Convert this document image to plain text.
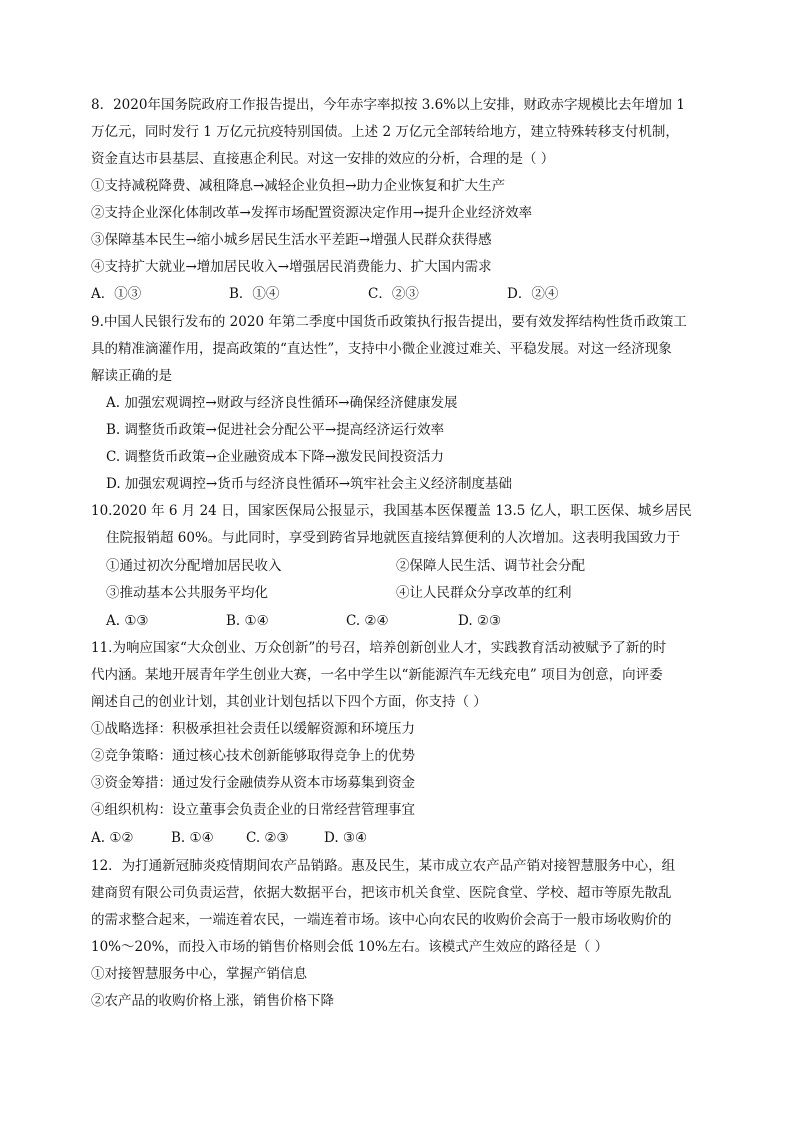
8．2020年国务院政府工作报告提出，今年赤字率拟按 3.6%以上安排，财政赤字规模比去年增加 1
万亿元，同时发行 1 万亿元抗疫特别国债。上述 2 万亿元全部转给地方，建立特殊转移支付机制，
资金直达市县基层、直接惠企利民。对这一安排的效应的分析，合理的是（ ）
①支持减税降费、减租降息→减轻企业负担→助力企业恢复和扩大生产
②支持企业深化体制改革→发挥市场配置资源决定作用→提升企业经济效率
③保障基本民生→缩小城乡居民生活水平差距→增强人民群众获得感
④支持扩大就业→增加居民收入→增强居民消费能力、扩大国内需求
A．①③	B．①④	C．②③	D．②④
9.中国人民银行发布的 2020 年第二季度中国货币政策执行报告提出，要有效发挥结构性货币政策工
具的精准滴灌作用，提高政策的“直达性”，支持中小微企业渡过难关、平稳发展。对这一经济现象
解读正确的是
A. 加强宏观调控→财政与经济良性循环→确保经济健康发展
B. 调整货币政策→促进社会分配公平→提高经济运行效率
C. 调整货币政策→企业融资成本下降→激发民间投资活力
D. 加强宏观调控→货币与经济良性循环→筑牢社会主义经济制度基础
10.2020 年 6 月 24 日，国家医保局公报显示，我国基本医保覆盖 13.5 亿人，职工医保、城乡居民
住院报销超 60%。与此同时，享受到跨省异地就医直接结算便利的人次增加。这表明我国致力于
①通过初次分配增加居民收入	②保障人民生活、调节社会分配
③推动基本公共服务平均化	④让人民群众分享改革的红利
A. ①③	B. ①④	C. ②④	D. ②③
11.为响应国家“大众创业、万众创新”的号召，培养创新创业人才，实践教育活动被赋予了新的时
代内涵。某地开展青年学生创业大赛，一名中学生以“新能源汽车无线充电” 项目为创意，向评委
阐述自己的创业计划，其创业计划包括以下四个方面，你支持（ ）
①战略选择：积极承担社会责任以缓解资源和环境压力
②竞争策略：通过核心技术创新能够取得竞争上的优势
③资金筹措：通过发行金融债券从资本市场募集到资金
④组织机构：设立董事会负责企业的日常经营管理事宜
A. ①②	B. ①④ C. ②③	D. ③④
12．为打通新冠肺炎疫情期间农产品销路。惠及民生，某市成立农产品产销对接智慧服务中心，组
建商贸有限公司负责运营，依据大数据平台，把该市机关食堂、医院食堂、学校、超市等原先散乱
的需求整合起来，一端连着农民，一端连着市场。该中心向农民的收购价会高于一般市场收购价的
10%～20%，而投入市场的销售价格则会低 10%左右。该模式产生效应的路径是（ ）
①对接智慧服务中心，掌握产销信息
②农产品的收购价格上涨，销售价格下降
